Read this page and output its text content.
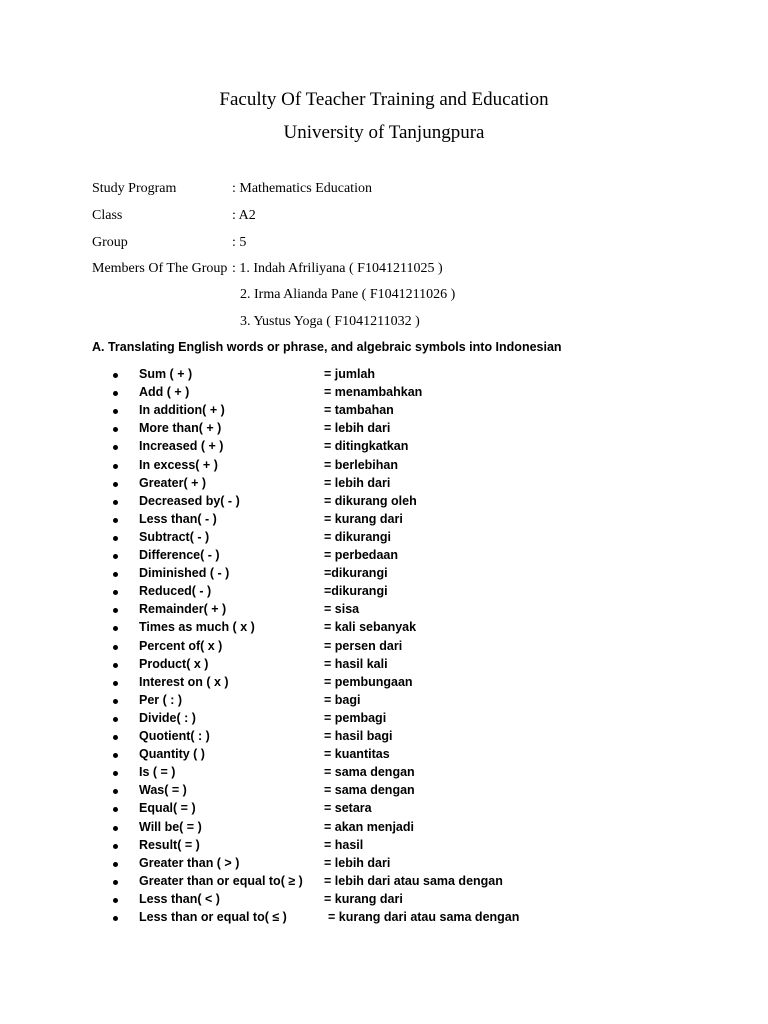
Faculty Of Teacher Training and Education
University of Tanjungpura
Study Program	: Mathematics Education
Class	: A2
Group	: 5
Members Of The Group : 1. Indah Afriliyana ( F1041211025 )
2. Irma Alianda Pane ( F1041211026 )
3. Yustus Yoga ( F1041211032 )
A. Translating English words or phrase, and algebraic symbols into Indonesian
Sum ( + )	= jumlah
Add ( + )	= menambahkan
In addition( + )	= tambahan
More than( + )	= lebih dari
Increased ( + )	= ditingkatkan
In excess( + )	= berlebihan
Greater( + )	= lebih dari
Decreased by( - )	= dikurang oleh
Less than( - )	= kurang dari
Subtract( - )	= dikurangi
Difference( - )	= perbedaan
Diminished ( - )	=dikurangi
Reduced( - )	=dikurangi
Remainder( + )	= sisa
Times as much ( x )	= kali sebanyak
Percent of( x )	= persen dari
Product( x )	= hasil kali
Interest on ( x )	= pembungaan
Per ( : )	= bagi
Divide( : )	= pembagi
Quotient( : )	= hasil bagi
Quantity ( )	= kuantitas
Is ( = )	= sama dengan
Was( = )	= sama dengan
Equal( = )	= setara
Will be( = )	= akan menjadi
Result( = )	= hasil
Greater than ( > )	= lebih dari
Greater than or equal to( ≥ ) = lebih dari atau sama dengan
Less than( < )	= kurang dari
Less than or equal to( ≤ )	= kurang dari atau sama dengan
